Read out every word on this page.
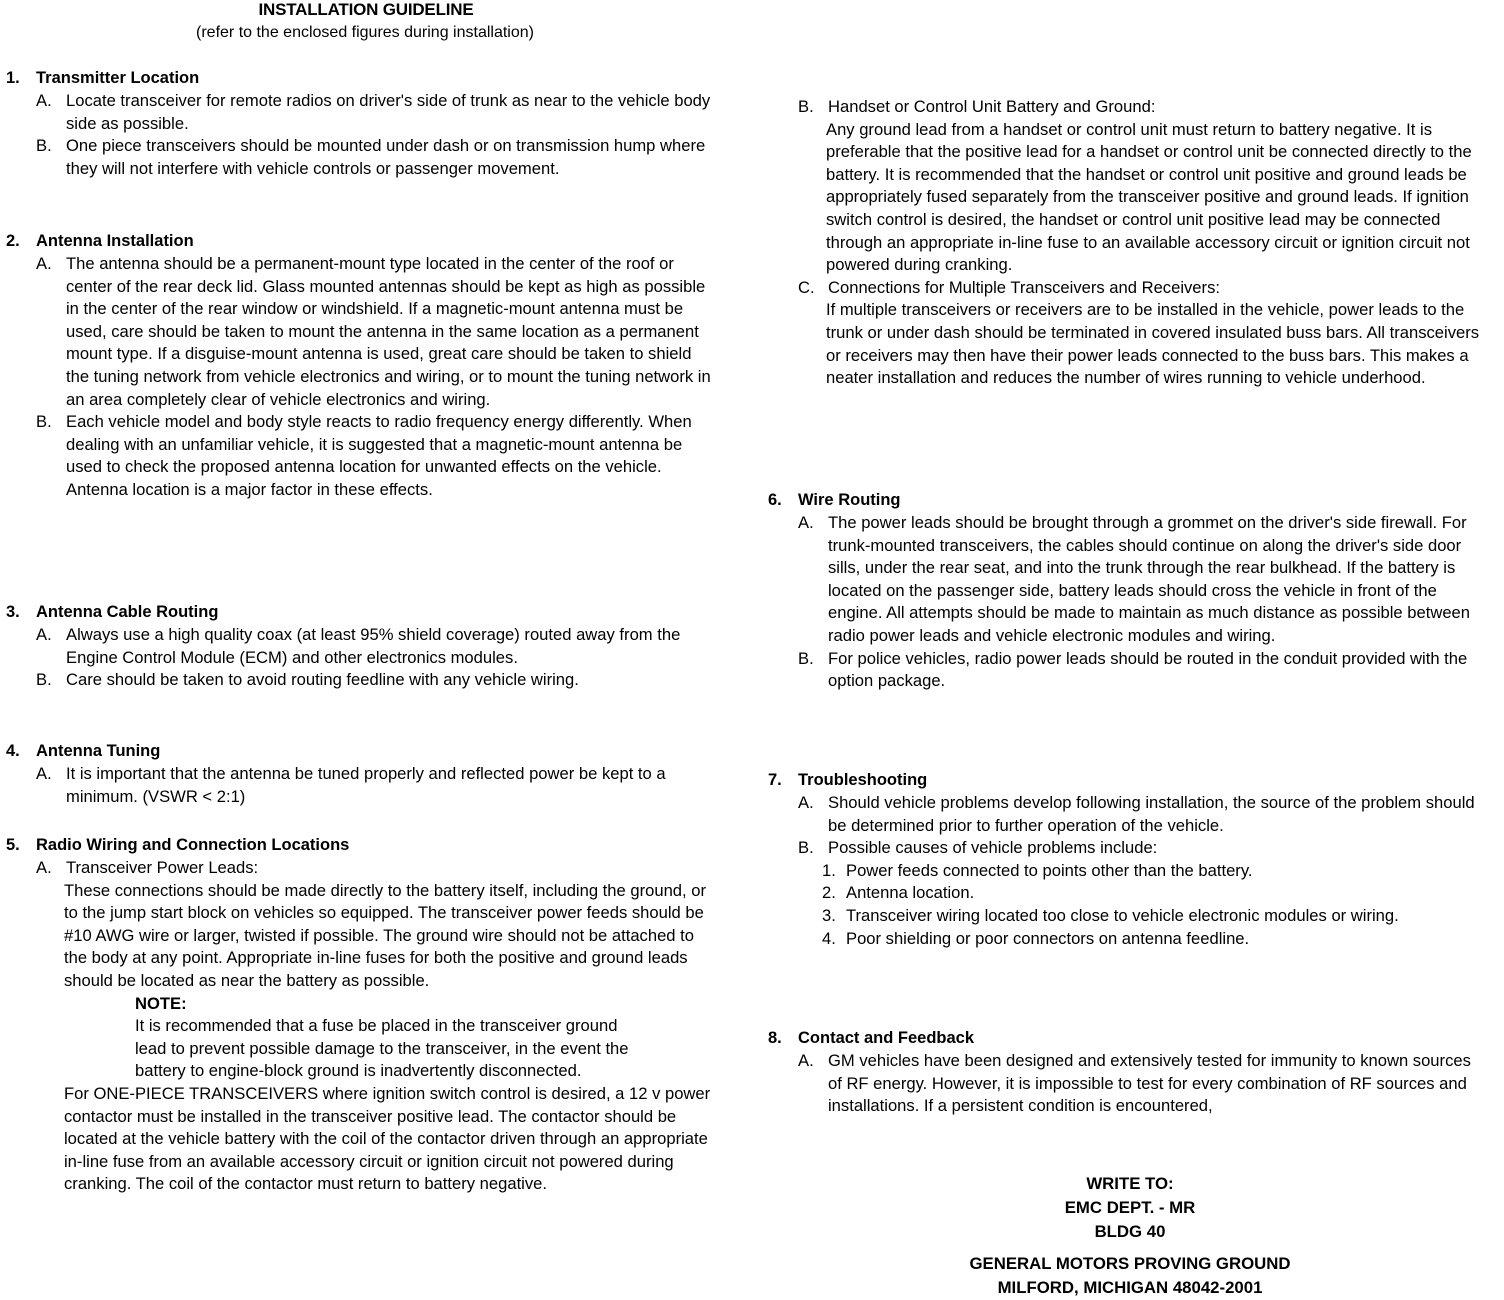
INSTALLATION GUIDELINE
(refer to the enclosed figures during installation)
1. Transmitter Location
A. Locate transceiver for remote radios on driver's side of trunk as near to the vehicle body side as possible.
B. One piece transceivers should be mounted under dash or on transmission hump where they will not interfere with vehicle controls or passenger movement.
2. Antenna Installation
A. The antenna should be a permanent-mount type located in the center of the roof or center of the rear deck lid. Glass mounted antennas should be kept as high as possible in the center of the rear window or windshield. If a magnetic-mount antenna must be used, care should be taken to mount the antenna in the same location as a permanent mount type. If a disguise-mount antenna is used, great care should be taken to shield the tuning network from vehicle electronics and wiring, or to mount the tuning network in an area completely clear of vehicle electronics and wiring.
B. Each vehicle model and body style reacts to radio frequency energy differently. When dealing with an unfamiliar vehicle, it is suggested that a magnetic-mount antenna be used to check the proposed antenna location for unwanted effects on the vehicle. Antenna location is a major factor in these effects.
3. Antenna Cable Routing
A. Always use a high quality coax (at least 95% shield coverage) routed away from the Engine Control Module (ECM) and other electronics modules.
B. Care should be taken to avoid routing feedline with any vehicle wiring.
4. Antenna Tuning
A. It is important that the antenna be tuned properly and reflected power be kept to a minimum. (VSWR < 2:1)
5. Radio Wiring and Connection Locations
A. Transceiver Power Leads:
These connections should be made directly to the battery itself, including the ground, or to the jump start block on vehicles so equipped. The transceiver power feeds should be #10 AWG wire or larger, twisted if possible. The ground wire should not be attached to the body at any point. Appropriate in-line fuses for both the positive and ground leads should be located as near the battery as possible.
NOTE:
It is recommended that a fuse be placed in the transceiver ground lead to prevent possible damage to the transceiver, in the event the battery to engine-block ground is inadvertently disconnected.
For ONE-PIECE TRANSCEIVERS where ignition switch control is desired, a 12 v power contactor must be installed in the transceiver positive lead. The contactor should be located at the vehicle battery with the coil of the contactor driven through an appropriate in-line fuse from an available accessory circuit or ignition circuit not powered during cranking. The coil of the contactor must return to battery negative.
B. Handset or Control Unit Battery and Ground:
Any ground lead from a handset or control unit must return to battery negative. It is preferable that the positive lead for a handset or control unit be connected directly to the battery. It is recommended that the handset or control unit positive and ground leads be appropriately fused separately from the transceiver positive and ground leads. If ignition switch control is desired, the handset or control unit positive lead may be connected through an appropriate in-line fuse to an available accessory circuit or ignition circuit not powered during cranking.
C. Connections for Multiple Transceivers and Receivers:
If multiple transceivers or receivers are to be installed in the vehicle, power leads to the trunk or under dash should be terminated in covered insulated buss bars. All transceivers or receivers may then have their power leads connected to the buss bars. This makes a neater installation and reduces the number of wires running to vehicle underhood.
6. Wire Routing
A. The power leads should be brought through a grommet on the driver's side firewall. For trunk-mounted transceivers, the cables should continue on along the driver's side door sills, under the rear seat, and into the trunk through the rear bulkhead. If the battery is located on the passenger side, battery leads should cross the vehicle in front of the engine. All attempts should be made to maintain as much distance as possible between radio power leads and vehicle electronic modules and wiring.
B. For police vehicles, radio power leads should be routed in the conduit provided with the option package.
7. Troubleshooting
A. Should vehicle problems develop following installation, the source of the problem should be determined prior to further operation of the vehicle.
B. Possible causes of vehicle problems include:
1. Power feeds connected to points other than the battery.
2. Antenna location.
3. Transceiver wiring located too close to vehicle electronic modules or wiring.
4. Poor shielding or poor connectors on antenna feedline.
8. Contact and Feedback
A. GM vehicles have been designed and extensively tested for immunity to known sources of RF energy. However, it is impossible to test for every combination of RF sources and installations. If a persistent condition is encountered,
WRITE TO:
EMC DEPT. - MR
BLDG 40
GENERAL MOTORS PROVING GROUND
MILFORD, MICHIGAN 48042-2001
